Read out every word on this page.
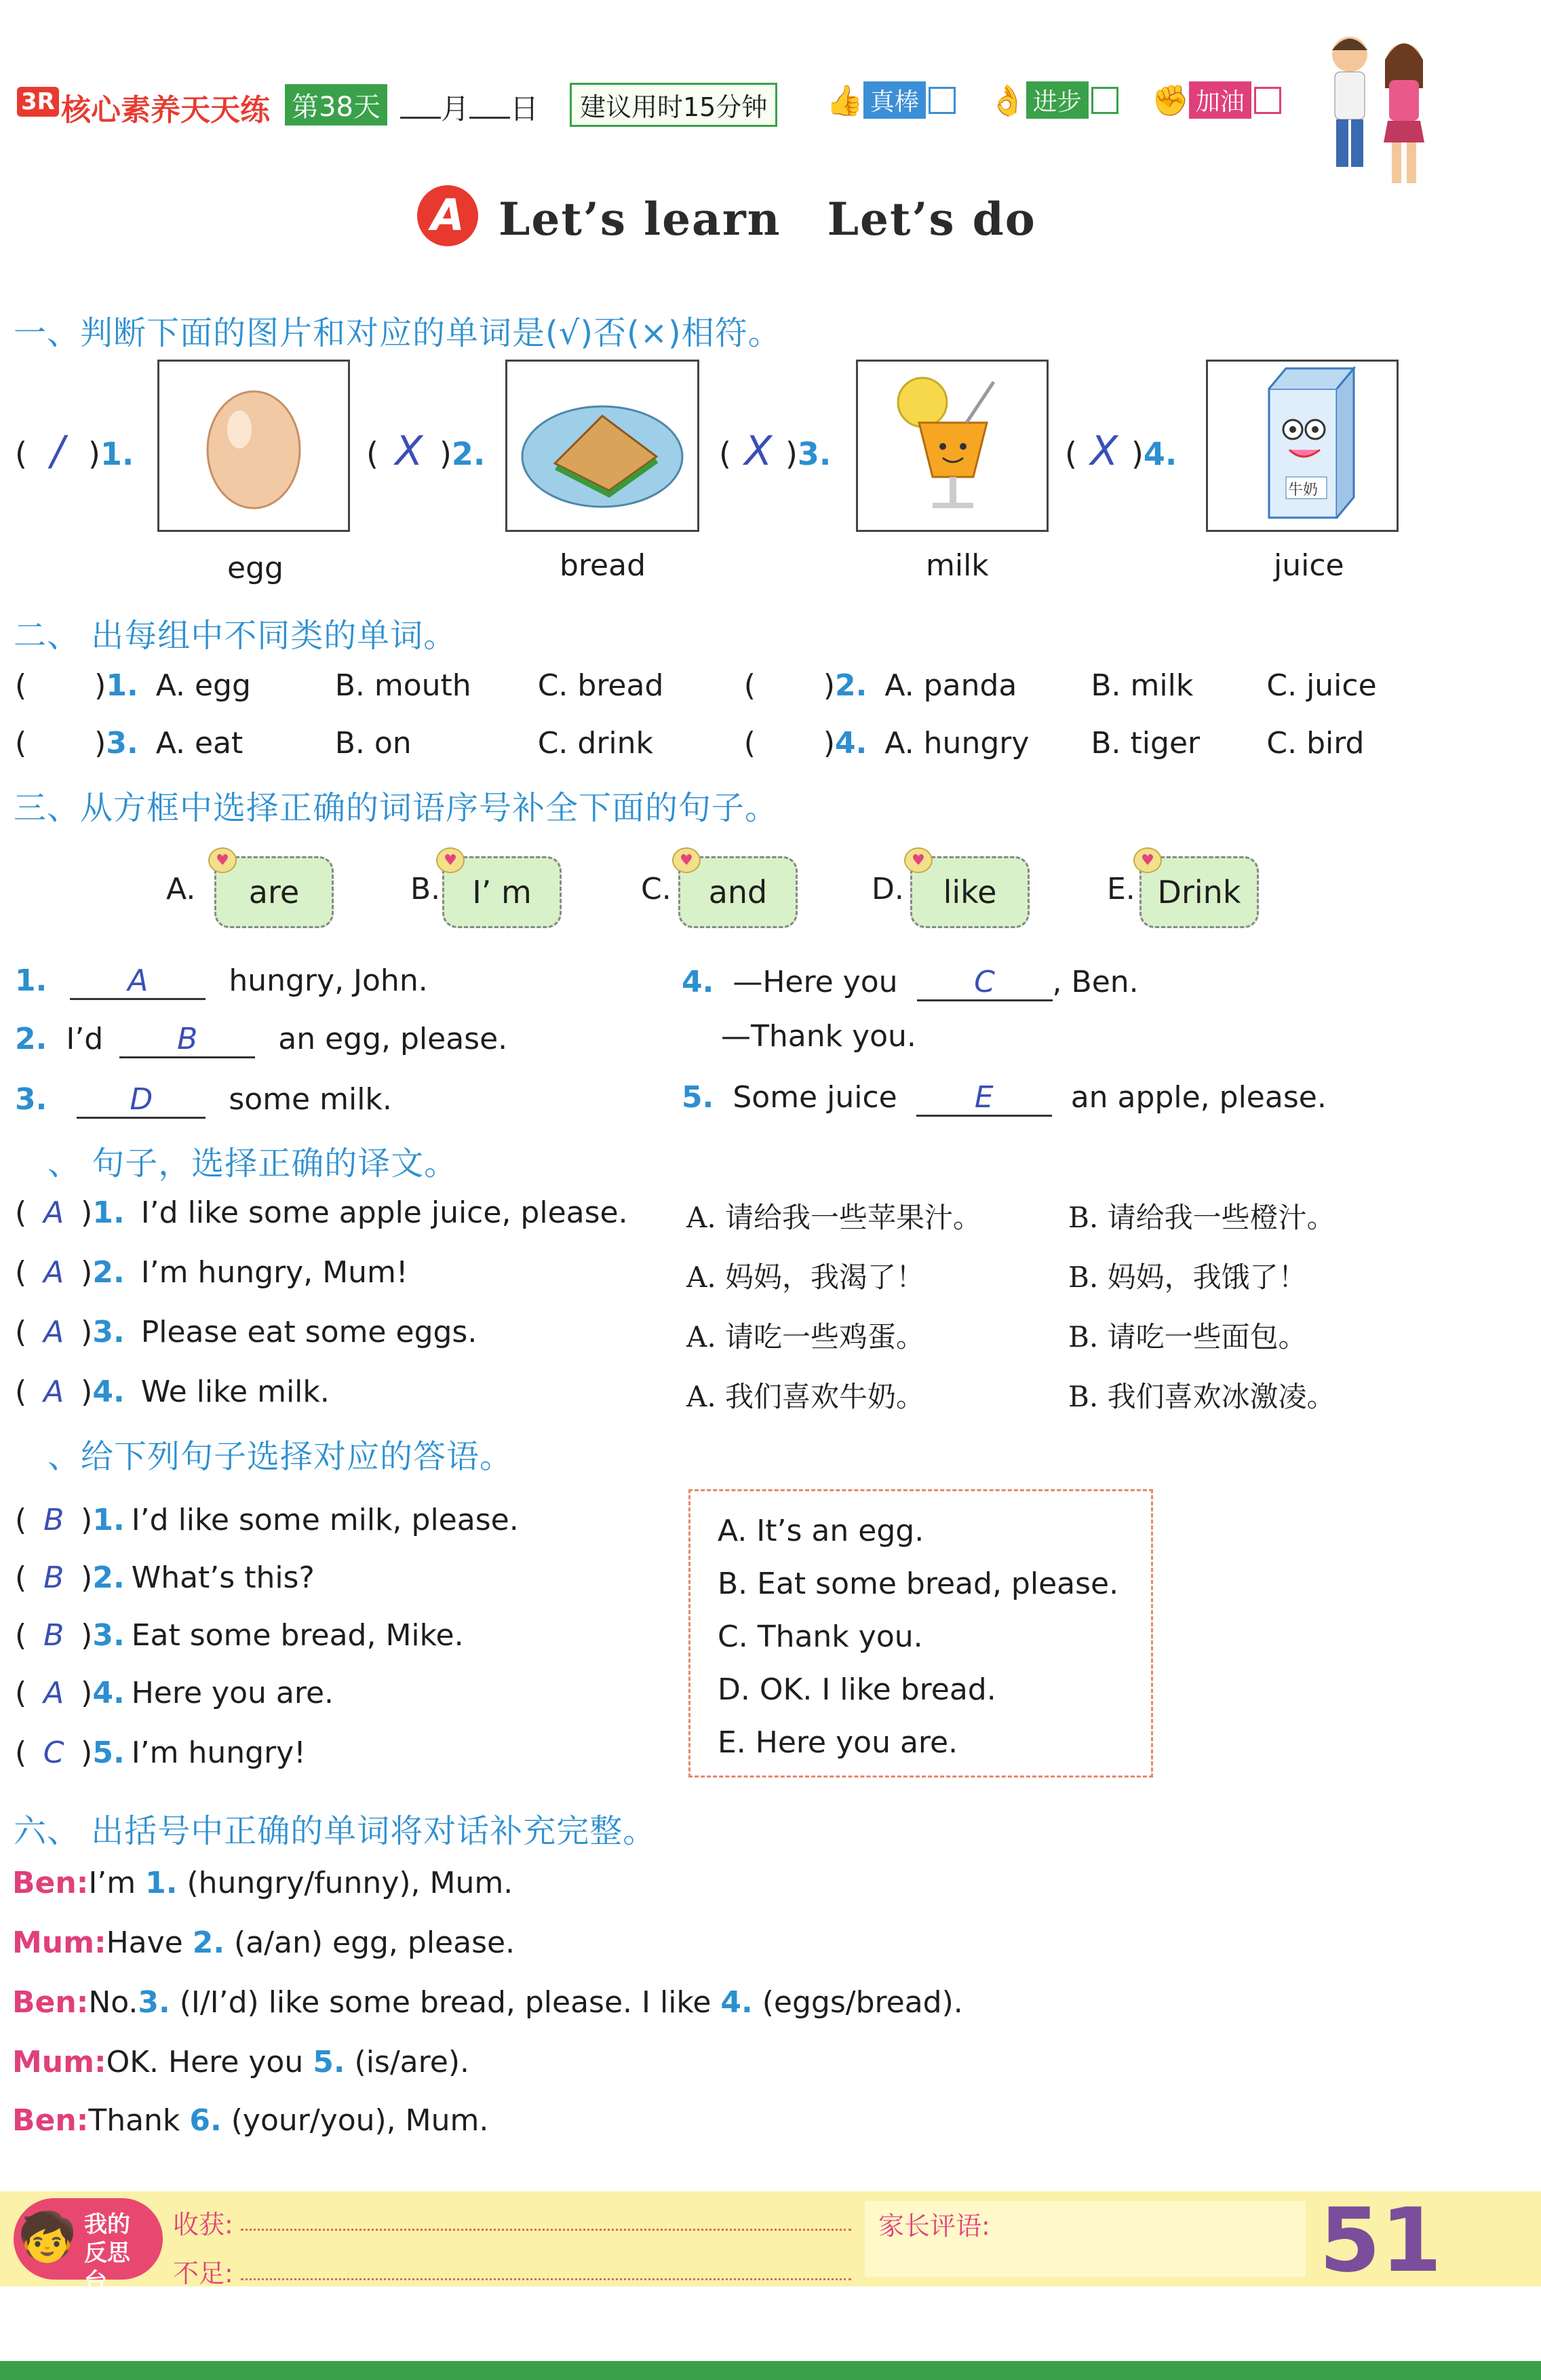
3R 核心素养天天练 第38天	月 日	建议用时15分钟	👍 真棒 👌 进步 ✊ 加油
A Let’s learn　Let’s do
一、判断下面的图片和对应的单词是(√)否(×)相符。
( / )1.
egg
( X )2.
bread
( X )3.
milk
( X )4.
牛奶
juice
二、 出每组中不同类的单词。
( )1. A. egg	B. mouth C. bread	( )2. A. panda B. milk C. juice
( )3. A. eat	B. on	C. drink	( )4. A. hungry B. tiger C. bird
三、从方框中选择正确的词语序号补全下面的句子。
A.
♥
are	B.
♥
I’ m	C.
♥
and	D.
♥
like	E.
♥
Drink
1.	A	hungry, John.
2. I’d B	an egg, please.
3.	D	some milk.
4. —Here you	C , Ben.
—Thank you.
5. Some juice	E	an apple, please.
、 句子，选择正确的译文。
( A )1. I’d like some apple juice, please. A. 请给我一些苹果汁。	B. 请给我一些橙汁。
( A )2. I’m hungry, Mum!	A. 妈妈，我渴了！	B. 妈妈，我饿了！
( A )3. Please eat some eggs.	A. 请吃一些鸡蛋。	B. 请吃一些面包。
( A )4. We like milk.	A. 我们喜欢牛奶。	B. 我们喜欢冰激凌。
、给下列句子选择对应的答语。
( B )1. I’d like some milk, please.
( B )2. What’s this?
( B )3. Eat some bread, Mike.
( A )4. Here you are.
( C )5. I’m hungry!
A. It’s an egg.
B. Eat some bread, please.
C. Thank you.
D. OK. I like bread.
E. Here you are.
六、 出括号中正确的单词将对话补充完整。
Ben:I’m 1. (hungry/funny), Mum.
Mum:Have 2. (a/an) egg, please.
Ben:No.3. (I/I’d) like some bread, please. I like 4. (eggs/bread).
Mum:OK. Here you 5. (is/are).
Ben:Thank 6. (your/you), Mum.
🧒 我的反思台
收获:
不足:
家长评语:	51
